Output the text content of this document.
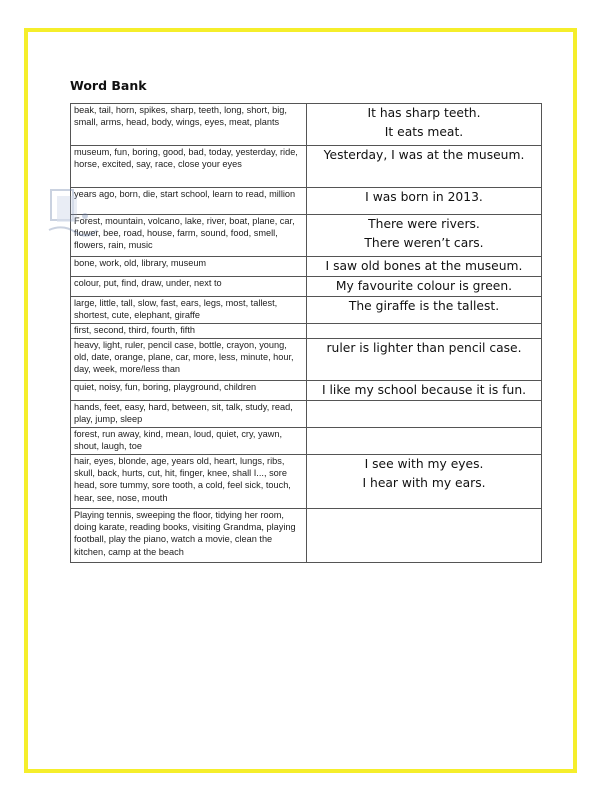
Word Bank
beak, tail, horn, spikes, sharp, teeth, long, short, big, small, arms, head, body, wings, eyes, meat, plants	It has sharp teeth.
It eats meat.

museum, fun, boring, good, bad, today, yesterday, ride, horse, excited, say, race, close your eyes	Yesterday, I was at the museum.

years ago, born, die, start school, learn to read, million	I was born in 2013.

Forest, mountain, volcano, lake, river, boat, plane, car, flower, bee, road, house, farm, sound, food, smell, flowers, rain, music	There were rivers.
There weren’t cars.

bone, work, old, library, museum	I saw old bones at the museum.

colour, put, find, draw, under, next to	My favourite colour is green.

large, little, tall, slow, fast, ears, legs, most, tallest, shortest, cute, elephant, giraffe	The giraffe is the tallest.

first, second, third, fourth, fifth	
heavy, light, ruler, pencil case, bottle, crayon, young, old, date, orange, plane, car, more, less, minute, hour, day, week, more/less than	ruler is lighter than pencil case.

quiet, noisy, fun, boring, playground, children	I like my school because it is fun.

hands, feet, easy, hard, between, sit, talk, study, read, play, jump, sleep	
forest, run away, kind, mean, loud, quiet, cry, yawn, shout, laugh, toe	
hair, eyes, blonde, age, years old, heart, lungs, ribs, skull, back, hurts, cut, hit, finger, knee, shall I..., sore head, sore tummy, sore tooth, a cold, feel sick, touch, hear, see, nose, mouth	I see with my eyes.
I hear with my ears.

Playing tennis, sweeping the floor, tidying her room, doing karate, reading books, visiting Grandma, playing football, play the piano, watch a movie, clean the kitchen, camp at the beach	
